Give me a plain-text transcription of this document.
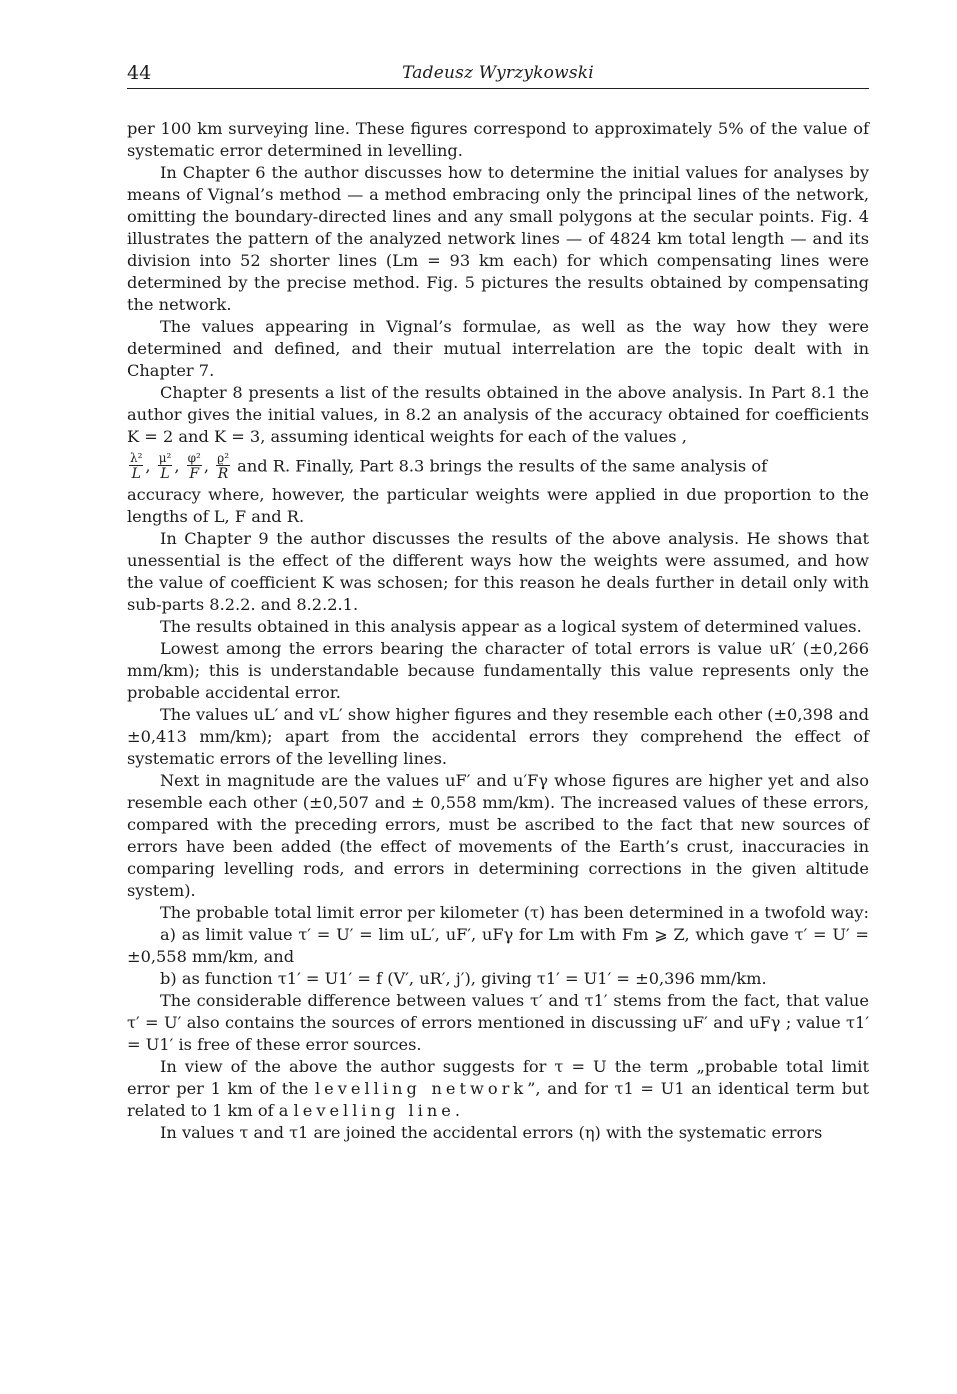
44	Tadeusz Wyrzykowski

per 100 km surveying line. These figures correspond to approximately 5% of the value of systematic error determined in levelling.

In Chapter 6 the author discusses how to determine the initial values for analyses by means of Vignal’s method — a method embracing only the principal lines of the network, omitting the boundary-directed lines and any small polygons at the secular points. Fig. 4 illustrates the pattern of the analyzed network lines — of 4824 km total length — and its division into 52 shorter lines (Lm = 93 km each) for which compensating lines were determined by the precise method. Fig. 5 pictures the results obtained by compensating the network.

The values appearing in Vignal’s formulae, as well as the way how they were determined and defined, and their mutual interrelation are the topic dealt with in Chapter 7.

Chapter 8 presents a list of the results obtained in the above analysis. In Part 8.1 the author gives the initial values, in 8.2 an analysis of the accuracy obtained for coefficients K = 2 and K = 3, assuming identical weights for each of the values ,

$\frac{\text{λ²}}{L}$ , $\frac{\text{μ²}}{L}$ , $\frac{\text{φ²}}{F}$ , $\frac{\text{ϱ²}}{R}$ and R. Finally, Part 8.3 brings the results of the same analysis of

accuracy where, however, the particular weights were applied in due proportion to the lengths of L, F and R.

In Chapter 9 the author discusses the results of the above analysis. He shows that unessential is the effect of the different ways how the weights were assumed, and how the value of coefficient K was schosen; for this reason he deals further in detail only with sub-parts 8.2.2. and 8.2.2.1.

The results obtained in this analysis appear as a logical system of determined values.

Lowest among the errors bearing the character of total errors is value uR′ (±0,266 mm/km); this is understandable because fundamentally this value represents only the probable accidental error.

The values uL′ and vL′ show higher figures and they resemble each other (±0,398 and ±0,413 mm/km); apart from the accidental errors they comprehend the effect of systematic errors of the levelling lines.

Next in magnitude are the values uF′ and u′Fγ whose figures are higher yet and also resemble each other (±0,507 and ± 0,558 mm/km). The increased values of these errors, compared with the preceding errors, must be ascribed to the fact that new sources of errors have been added (the effect of movements of the Earth’s crust, inaccuracies in comparing levelling rods, and errors in determining corrections in the given altitude system).

The probable total limit error per kilometer (τ) has been determined in a twofold way:

a) as limit value τ′ = U′ = lim uL′, uF′, uFγ for Lm with Fm ⩾ Z, which gave τ′ = U′ = ±0,558 mm/km, and

b) as function τ1′ = U1′ = f (V′, uR′, j′), giving τ1′ = U1′ = ±0,396 mm/km.

The considerable difference between values τ′ and τ1′ stems from the fact, that value τ′ = U′ also contains the sources of errors mentioned in discussing uF′ and uFγ ; value τ1′ = U1′ is free of these error sources.

In view of the above the author suggests for τ = U the term „probable total limit error per 1 km of the levelling network”, and for τ1 = U1 an identical term but related to 1 km of a levelling line.

In values τ and τ1 are joined the accidental errors (η) with the systematic errors
